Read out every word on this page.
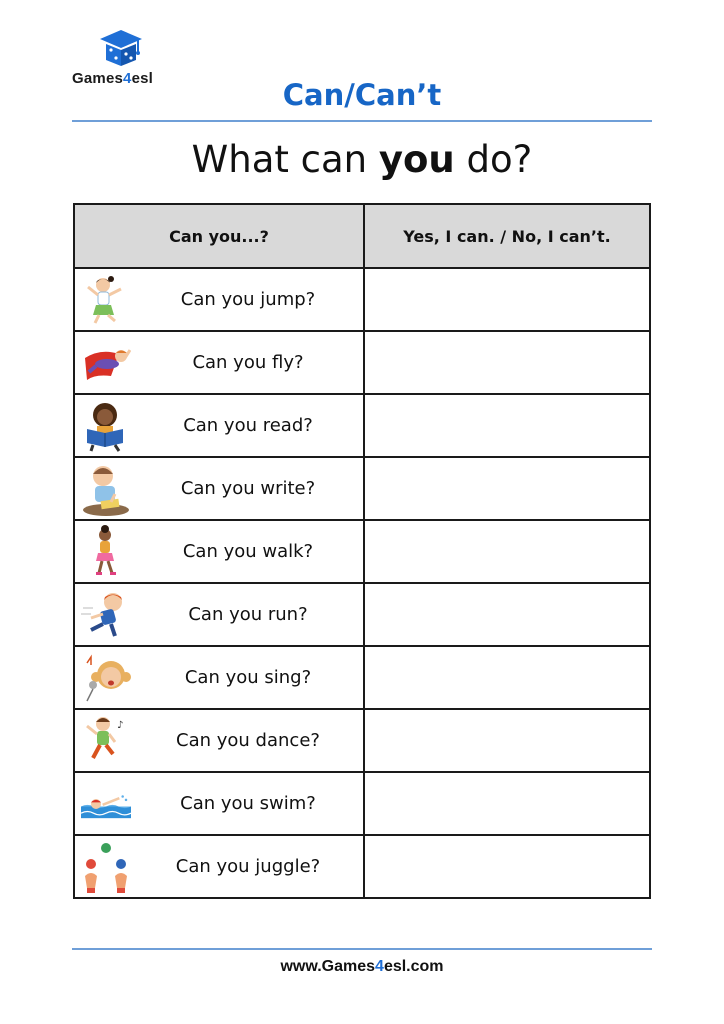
Games4esl	Can/Can’t
What can you do?
Can you...?	Yes, I can. / No, I can’t.

Can you jump?	

Can you fly?	

Can you read?	

Can you write?	

Can you walk?	

Can you run?	

Can you sing?	

♪
Can you dance?	

Can you swim?	

Can you juggle?	

www.Games4esl.com
